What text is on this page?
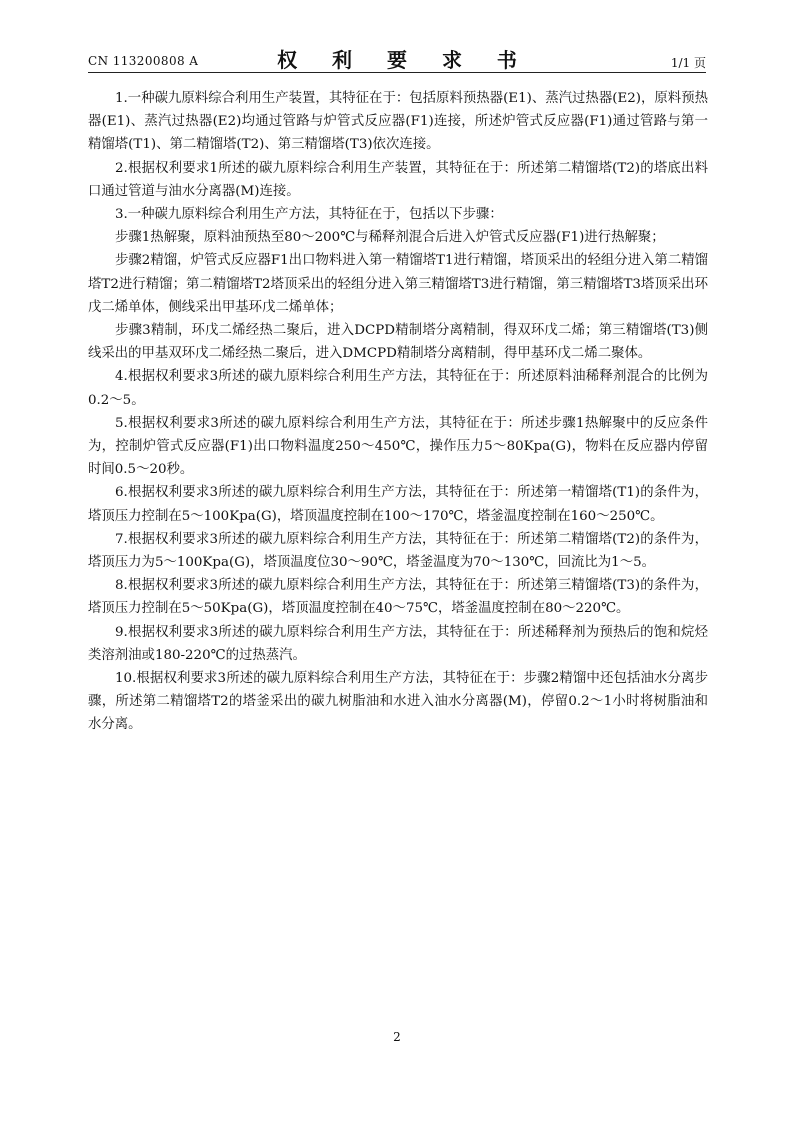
CN 113200808 A	权 利 要 求 书	1/1 页

1.一种碳九原料综合利用生产装置，其特征在于：包括原料预热器(E1)、蒸汽过热器(E2)，原料预热器(E1)、蒸汽过热器(E2)均通过管路与炉管式反应器(F1)连接，所述炉管式反应器(F1)通过管路与第一精馏塔(T1)、第二精馏塔(T2)、第三精馏塔(T3)依次连接。

2.根据权利要求1所述的碳九原料综合利用生产装置，其特征在于：所述第二精馏塔(T2)的塔底出料口通过管道与油水分离器(M)连接。

3.一种碳九原料综合利用生产方法，其特征在于，包括以下步骤：

步骤1热解聚，原料油预热至80～200℃与稀释剂混合后进入炉管式反应器(F1)进行热解聚；

步骤2精馏，炉管式反应器F1出口物料进入第一精馏塔T1进行精馏，塔顶采出的轻组分进入第二精馏塔T2进行精馏；第二精馏塔T2塔顶采出的轻组分进入第三精馏塔T3进行精馏，第三精馏塔T3塔顶采出环戊二烯单体，侧线采出甲基环戊二烯单体；

步骤3精制，环戊二烯经热二聚后，进入DCPD精制塔分离精制，得双环戊二烯；第三精馏塔(T3)侧线采出的甲基双环戊二烯经热二聚后，进入DMCPD精制塔分离精制，得甲基环戊二烯二聚体。

4.根据权利要求3所述的碳九原料综合利用生产方法，其特征在于：所述原料油稀释剂混合的比例为0.2～5。

5.根据权利要求3所述的碳九原料综合利用生产方法，其特征在于：所述步骤1热解聚中的反应条件为，控制炉管式反应器(F1)出口物料温度250～450℃，操作压力5～80Kpa(G)，物料在反应器内停留时间0.5～20秒。

6.根据权利要求3所述的碳九原料综合利用生产方法，其特征在于：所述第一精馏塔(T1)的条件为，塔顶压力控制在5～100Kpa(G)，塔顶温度控制在100～170℃，塔釜温度控制在160～250℃。

7.根据权利要求3所述的碳九原料综合利用生产方法，其特征在于：所述第二精馏塔(T2)的条件为，塔顶压力为5～100Kpa(G)，塔顶温度位30～90℃，塔釜温度为70～130℃，回流比为1～5。

8.根据权利要求3所述的碳九原料综合利用生产方法，其特征在于：所述第三精馏塔(T3)的条件为，塔顶压力控制在5～50Kpa(G)，塔顶温度控制在40～75℃，塔釜温度控制在80～220℃。

9.根据权利要求3所述的碳九原料综合利用生产方法，其特征在于：所述稀释剂为预热后的饱和烷烃类溶剂油或180-220℃的过热蒸汽。

10.根据权利要求3所述的碳九原料综合利用生产方法，其特征在于：步骤2精馏中还包括油水分离步骤，所述第二精馏塔T2的塔釜采出的碳九树脂油和水进入油水分离器(M)，停留0.2～1小时将树脂油和水分离。

2
